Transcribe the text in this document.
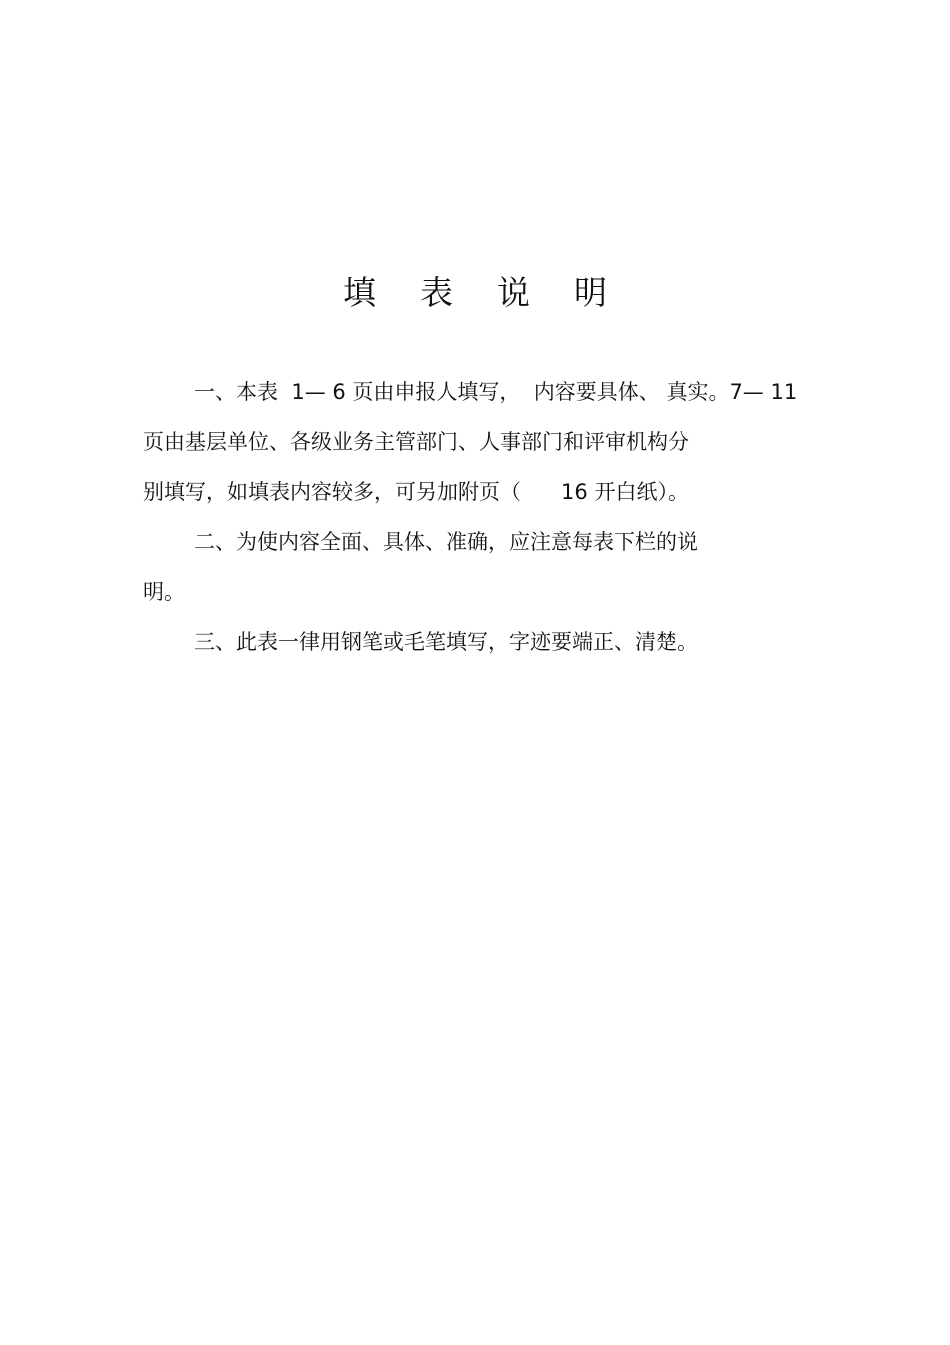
填 表 说 明
一、本表  1— 6 页由申报人填写，  内容要具体、 真实。7— 11
页由基层单位、各级业务主管部门、人事部门和评审机构分
别填写，如填表内容较多，可另加附页（      16 开白纸）。
二、为使内容全面、具体、准确，应注意每表下栏的说
明。
三、此表一律用钢笔或毛笔填写，字迹要端正、清楚。
